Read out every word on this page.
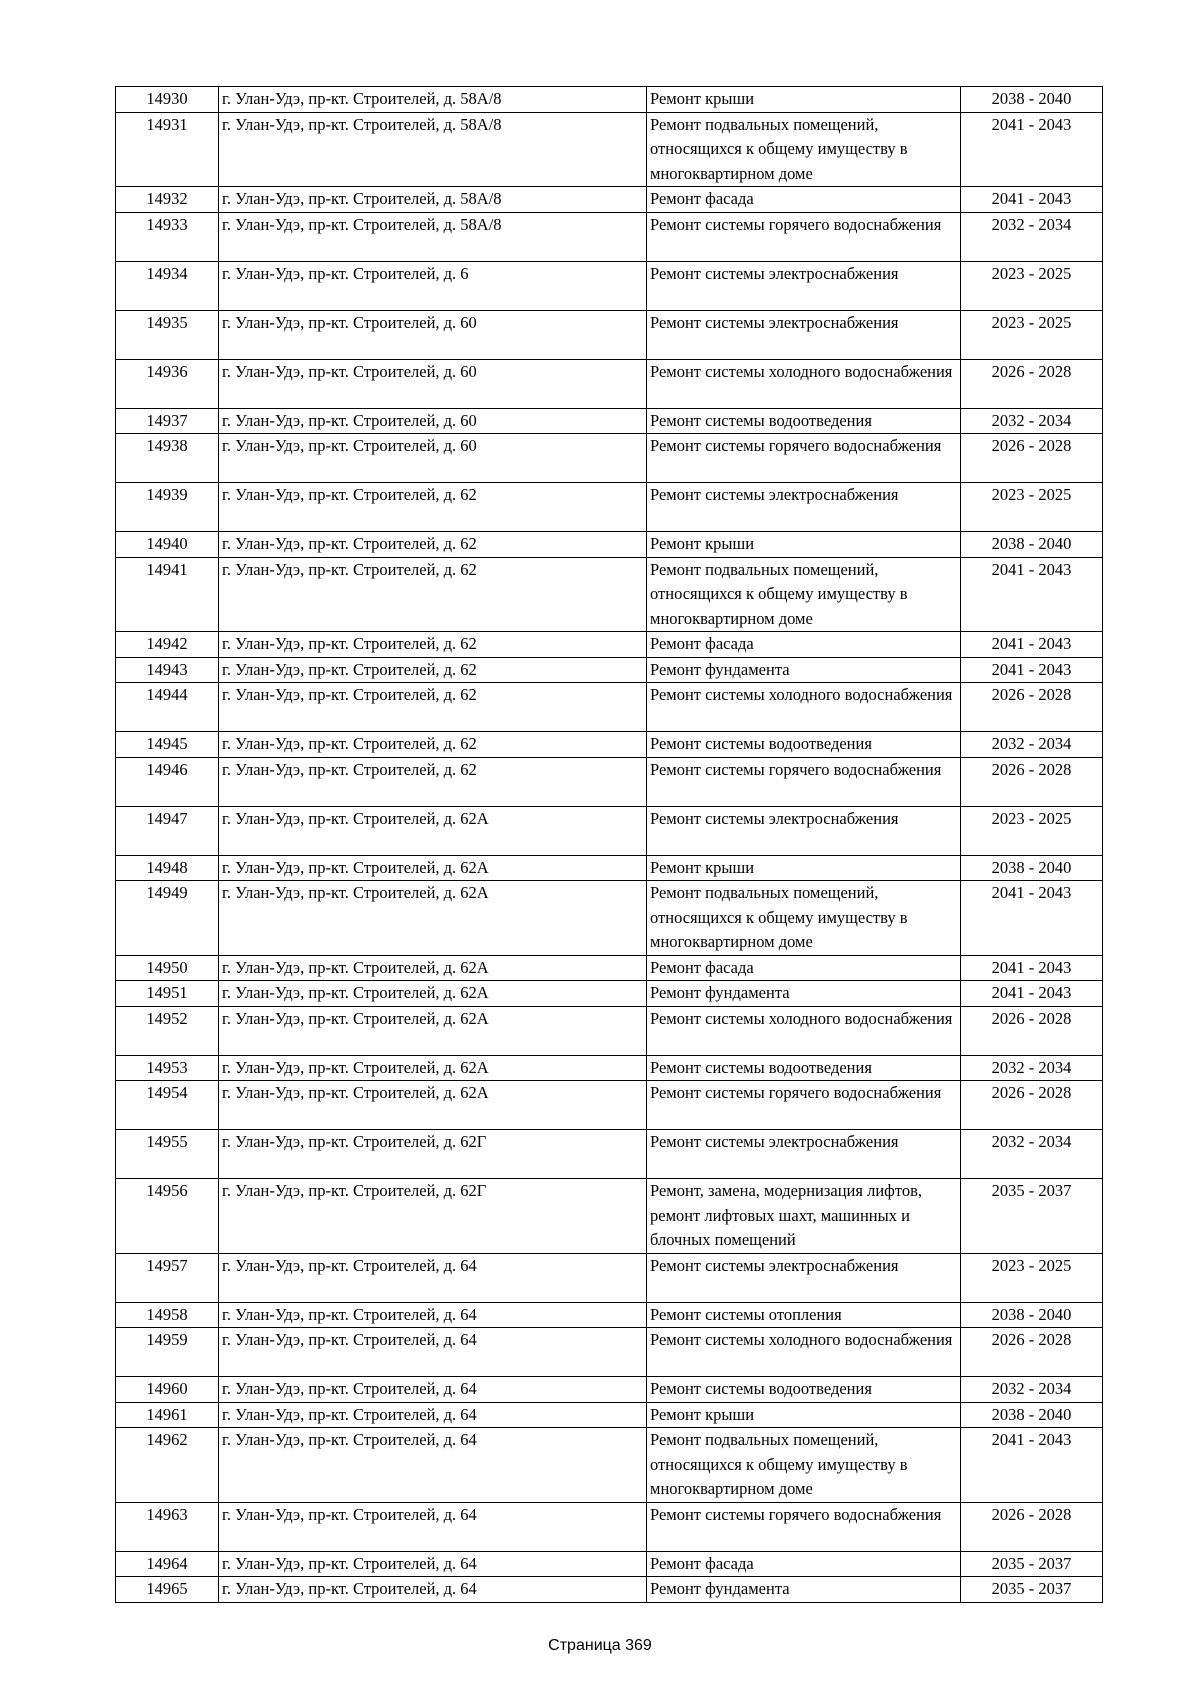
14930	г. Улан-Удэ, пр-кт. Строителей, д. 58А/8	Ремонт крыши	2038 - 2040
14931	г. Улан-Удэ, пр-кт. Строителей, д. 58А/8	Ремонт подвальных помещений, относящихся к общему имуществу в многоквартирном доме	2041 - 2043
14932	г. Улан-Удэ, пр-кт. Строителей, д. 58А/8	Ремонт фасада	2041 - 2043
14933	г. Улан-Удэ, пр-кт. Строителей, д. 58А/8	Ремонт системы горячего водоснабжения	2032 - 2034
14934	г. Улан-Удэ, пр-кт. Строителей, д. 6	Ремонт системы электроснабжения	2023 - 2025
14935	г. Улан-Удэ, пр-кт. Строителей, д. 60	Ремонт системы электроснабжения	2023 - 2025
14936	г. Улан-Удэ, пр-кт. Строителей, д. 60	Ремонт системы холодного водоснабжения	2026 - 2028
14937	г. Улан-Удэ, пр-кт. Строителей, д. 60	Ремонт системы водоотведения	2032 - 2034
14938	г. Улан-Удэ, пр-кт. Строителей, д. 60	Ремонт системы горячего водоснабжения	2026 - 2028
14939	г. Улан-Удэ, пр-кт. Строителей, д. 62	Ремонт системы электроснабжения	2023 - 2025
14940	г. Улан-Удэ, пр-кт. Строителей, д. 62	Ремонт крыши	2038 - 2040
14941	г. Улан-Удэ, пр-кт. Строителей, д. 62	Ремонт подвальных помещений, относящихся к общему имуществу в многоквартирном доме	2041 - 2043
14942	г. Улан-Удэ, пр-кт. Строителей, д. 62	Ремонт фасада	2041 - 2043
14943	г. Улан-Удэ, пр-кт. Строителей, д. 62	Ремонт фундамента	2041 - 2043
14944	г. Улан-Удэ, пр-кт. Строителей, д. 62	Ремонт системы холодного водоснабжения	2026 - 2028
14945	г. Улан-Удэ, пр-кт. Строителей, д. 62	Ремонт системы водоотведения	2032 - 2034
14946	г. Улан-Удэ, пр-кт. Строителей, д. 62	Ремонт системы горячего водоснабжения	2026 - 2028
14947	г. Улан-Удэ, пр-кт. Строителей, д. 62А	Ремонт системы электроснабжения	2023 - 2025
14948	г. Улан-Удэ, пр-кт. Строителей, д. 62А	Ремонт крыши	2038 - 2040
14949	г. Улан-Удэ, пр-кт. Строителей, д. 62А	Ремонт подвальных помещений, относящихся к общему имуществу в многоквартирном доме	2041 - 2043
14950	г. Улан-Удэ, пр-кт. Строителей, д. 62А	Ремонт фасада	2041 - 2043
14951	г. Улан-Удэ, пр-кт. Строителей, д. 62А	Ремонт фундамента	2041 - 2043
14952	г. Улан-Удэ, пр-кт. Строителей, д. 62А	Ремонт системы холодного водоснабжения	2026 - 2028
14953	г. Улан-Удэ, пр-кт. Строителей, д. 62А	Ремонт системы водоотведения	2032 - 2034
14954	г. Улан-Удэ, пр-кт. Строителей, д. 62А	Ремонт системы горячего водоснабжения	2026 - 2028
14955	г. Улан-Удэ, пр-кт. Строителей, д. 62Г	Ремонт системы электроснабжения	2032 - 2034
14956	г. Улан-Удэ, пр-кт. Строителей, д. 62Г	Ремонт, замена, модернизация лифтов, ремонт лифтовых шахт, машинных и блочных помещений	2035 - 2037
14957	г. Улан-Удэ, пр-кт. Строителей, д. 64	Ремонт системы электроснабжения	2023 - 2025
14958	г. Улан-Удэ, пр-кт. Строителей, д. 64	Ремонт системы отопления	2038 - 2040
14959	г. Улан-Удэ, пр-кт. Строителей, д. 64	Ремонт системы холодного водоснабжения	2026 - 2028
14960	г. Улан-Удэ, пр-кт. Строителей, д. 64	Ремонт системы водоотведения	2032 - 2034
14961	г. Улан-Удэ, пр-кт. Строителей, д. 64	Ремонт крыши	2038 - 2040
14962	г. Улан-Удэ, пр-кт. Строителей, д. 64	Ремонт подвальных помещений, относящихся к общему имуществу в многоквартирном доме	2041 - 2043
14963	г. Улан-Удэ, пр-кт. Строителей, д. 64	Ремонт системы горячего водоснабжения	2026 - 2028
14964	г. Улан-Удэ, пр-кт. Строителей, д. 64	Ремонт фасада	2035 - 2037
14965	г. Улан-Удэ, пр-кт. Строителей, д. 64	Ремонт фундамента	2035 - 2037
Страница 369
